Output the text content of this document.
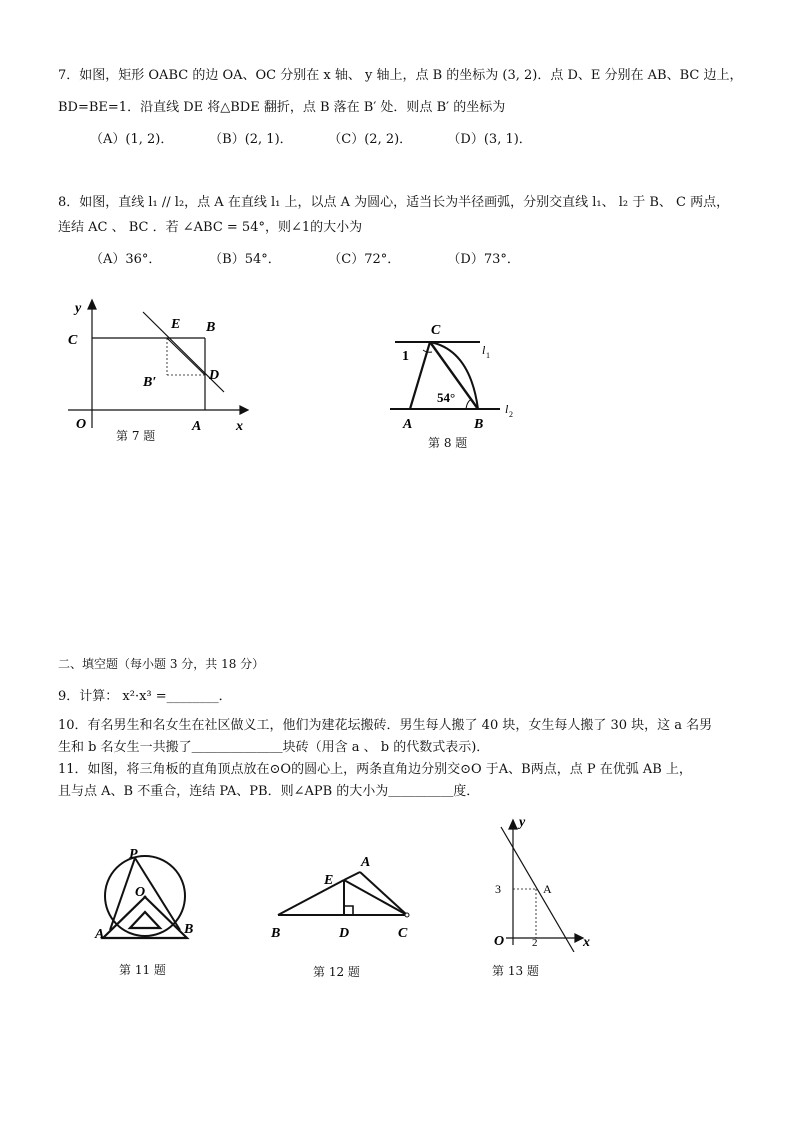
7．如图，矩形 OABC 的边 OA、OC 分别在 x 轴、 y 轴上，点 B 的坐标为 (3, 2)．点 D、E 分别在 AB、BC 边上，
BD=BE=1．沿直线 DE 将△BDE 翻折，点 B 落在 B′ 处．则点 B′ 的坐标为
（A）(1, 2)．	（B）(2, 1)．	（C）(2, 2)．	（D）(3, 1)．
8．如图，直线 l₁ // l₂，点 A 在直线 l₁ 上，以点 A 为圆心，适当长为半径画弧，分别交直线 l₁、 l₂ 于 B、 C 两点，
连结 AC 、 BC ．若 ∠ABC = 54°，则∠1的大小为
（A）36°．	（B）54°．	（C）72°．	（D）73°．
y
C
E B
B′	D
O	A x
第 7 题
C
1	l 1
54°
l 2
A	B
第 8 题
二、填空题（每小题 3 分，共 18 分）
9．计算： x²·x³ =________．
10．有名男生和名女生在社区做义工，他们为建花坛搬砖．男生每人搬了 40 块，女生每人搬了 30 块，这 a 名男
生和 b 名女生一共搬了＿＿＿＿＿＿＿块砖（用含 a 、 b 的代数式表示)．
11．如图，将三角板的直角顶点放在⊙O的圆心上，两条直角边分别交⊙O 于A、B两点，点 P 在优弧 AB 上，
且与点 A、B 不重合，连结 PA、PB．则∠APB 的大小为＿＿＿＿＿度．
P
O
A	B
第 11 题
E
A
B	D	C
第 12 题
y
3	A
O	2	x
第 13 题
